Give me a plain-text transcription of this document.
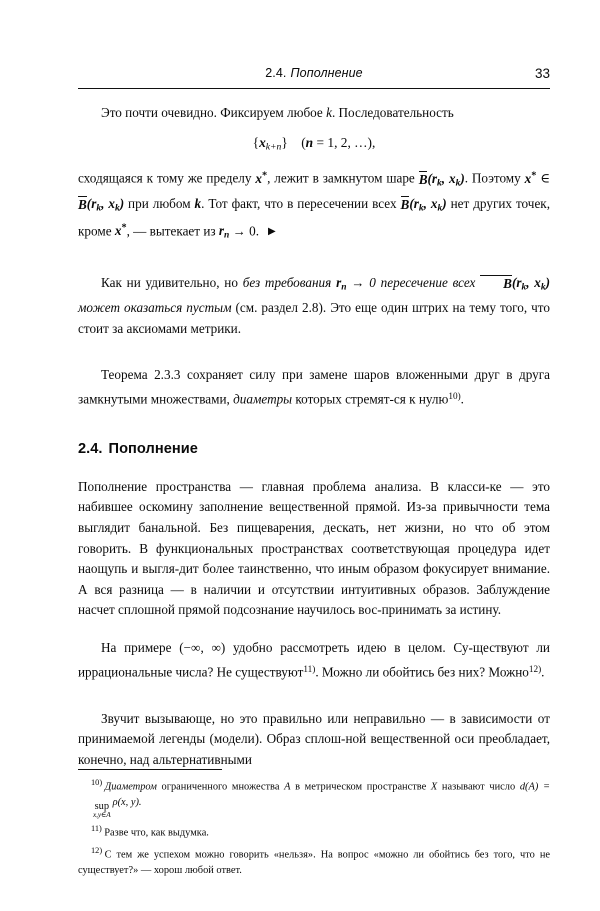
2.4. Пополнение	33

Это почти очевидно. Фиксируем любое k. Последовательность

$\{x_{k+n}\} (n = 1$, 2, …),

сходящаяся к тому же пределу x*, лежит в замкнутом шаре $B(r_k$, $x_k$). Поэтому x* ∈ $B(r_k$, $x_k$) при любом k. Тот факт, что в пересечении всех $B(r_k$, $x_k$) нет других точек, кроме x*, — вытекает из $r_n \to 0$. ▶

Как ни удивительно, но без требования $r_n \to 0$ пересечение всех $B(r_k$, $x_k$) может оказаться пустым (см. раздел 2.8). Это еще один штрих на тему того, что стоит за аксиомами метрики.

Теорема 2.3.3 сохраняет силу при замене шаров вложенными друг в друга замкнутыми множествами, диаметры которых стремят-ся к нулю$^{10)}$.

2.4. Пополнение

Пополнение пространства — главная проблема анализа. В класси-ке — это набившее оскомину заполнение вещественной прямой. Из-за привычности тема выглядит банальной. Без пищеварения, дескать, нет жизни, но что об этом говорить. В функциональных пространствах соответствующая процедура идет наощупь и выгля-дит более таинственно, что иным образом фокусирует внимание. А вся разница — в наличии и отсутствии интуитивных образов. Заблуждение насчет сплошной прямой подсознание научилось вос-принимать за истину.

На примере (−∞, ∞) удобно рассмотреть идею в целом. Су-ществуют ли иррациональные числа? Не существуют$^{11)}$. Можно ли обойтись без них? Можно$^{12)}$.

Звучит вызывающе, но это правильно или неправильно — в зависимости от принимаемой легенды (модели). Образ сплош-ной вещественной оси преобладает, конечно, над альтернативными

$^{10)}$ Диаметром ограниченного множества A в метрическом пространстве X называют число d(A) =
sup
x,y∈A
ρ(x, y).

$^{11)}$ Разве что, как выдумка.

$^{12)}$ С тем же успехом можно говорить «нельзя». На вопрос «можно ли обойтись без того, что не существует?» — хорош любой ответ.
